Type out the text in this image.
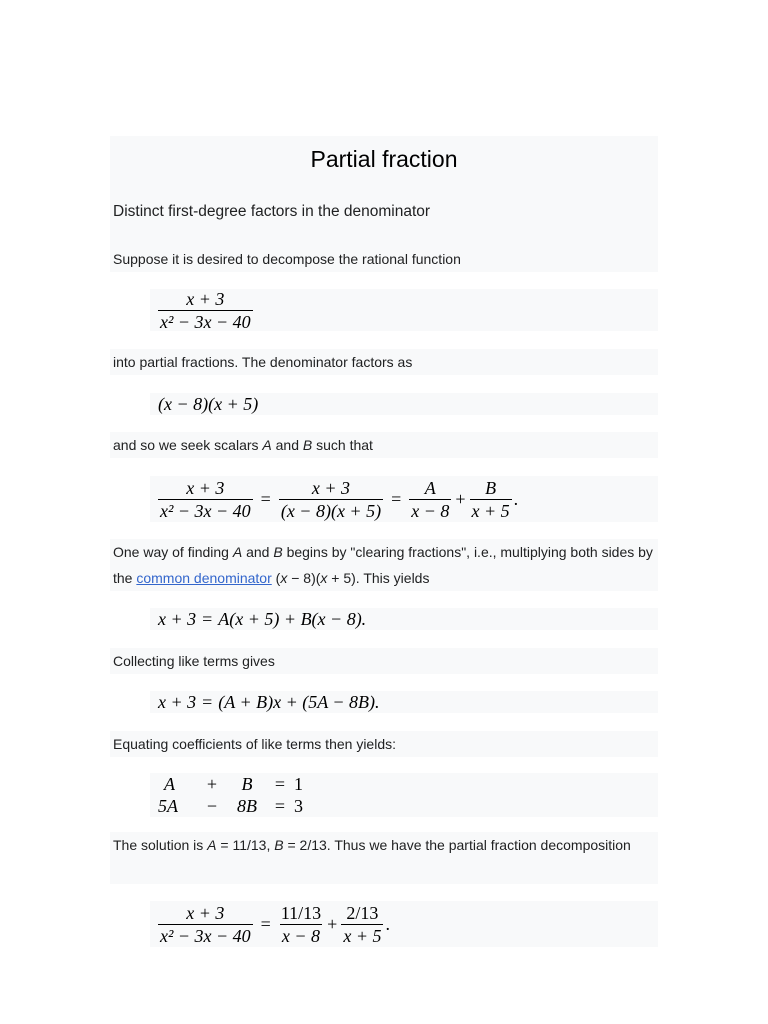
Partial fraction
Distinct first-degree factors in the denominator
Suppose it is desired to decompose the rational function
$\frac{x + 3}{\text{x² − 3x − 40}}$
into partial fractions. The denominator factors as
(x − 8)(x + 5)
and so we seek scalars A and B such that
$\frac{x + 3}{\text{x² − 3x − 40}} = \frac{x + 3}{(x - 8)(x + 5)} = \frac{A}{x - 8} + \frac{B}{x + 5}$ .
One way of finding A and B begins by "clearing fractions", i.e., multiplying both sides by the common denominator (x − 8)(x + 5). This yields
x + 3 = A(x + 5) + B(x − 8).
Collecting like terms gives
x + 3 = (A + B)x + (5A − 8B).
Equating coefficients of like terms then yields:
A	+	B	= 1
5A	−	8B = 3
The solution is A = 11/13, B = 2/13. Thus we have the partial fraction decomposition
$\frac{x + 3}{\text{x² − 3x − 40}} = \frac{11/13}{x - 8} + \frac{2/13}{x + 5}$ .
